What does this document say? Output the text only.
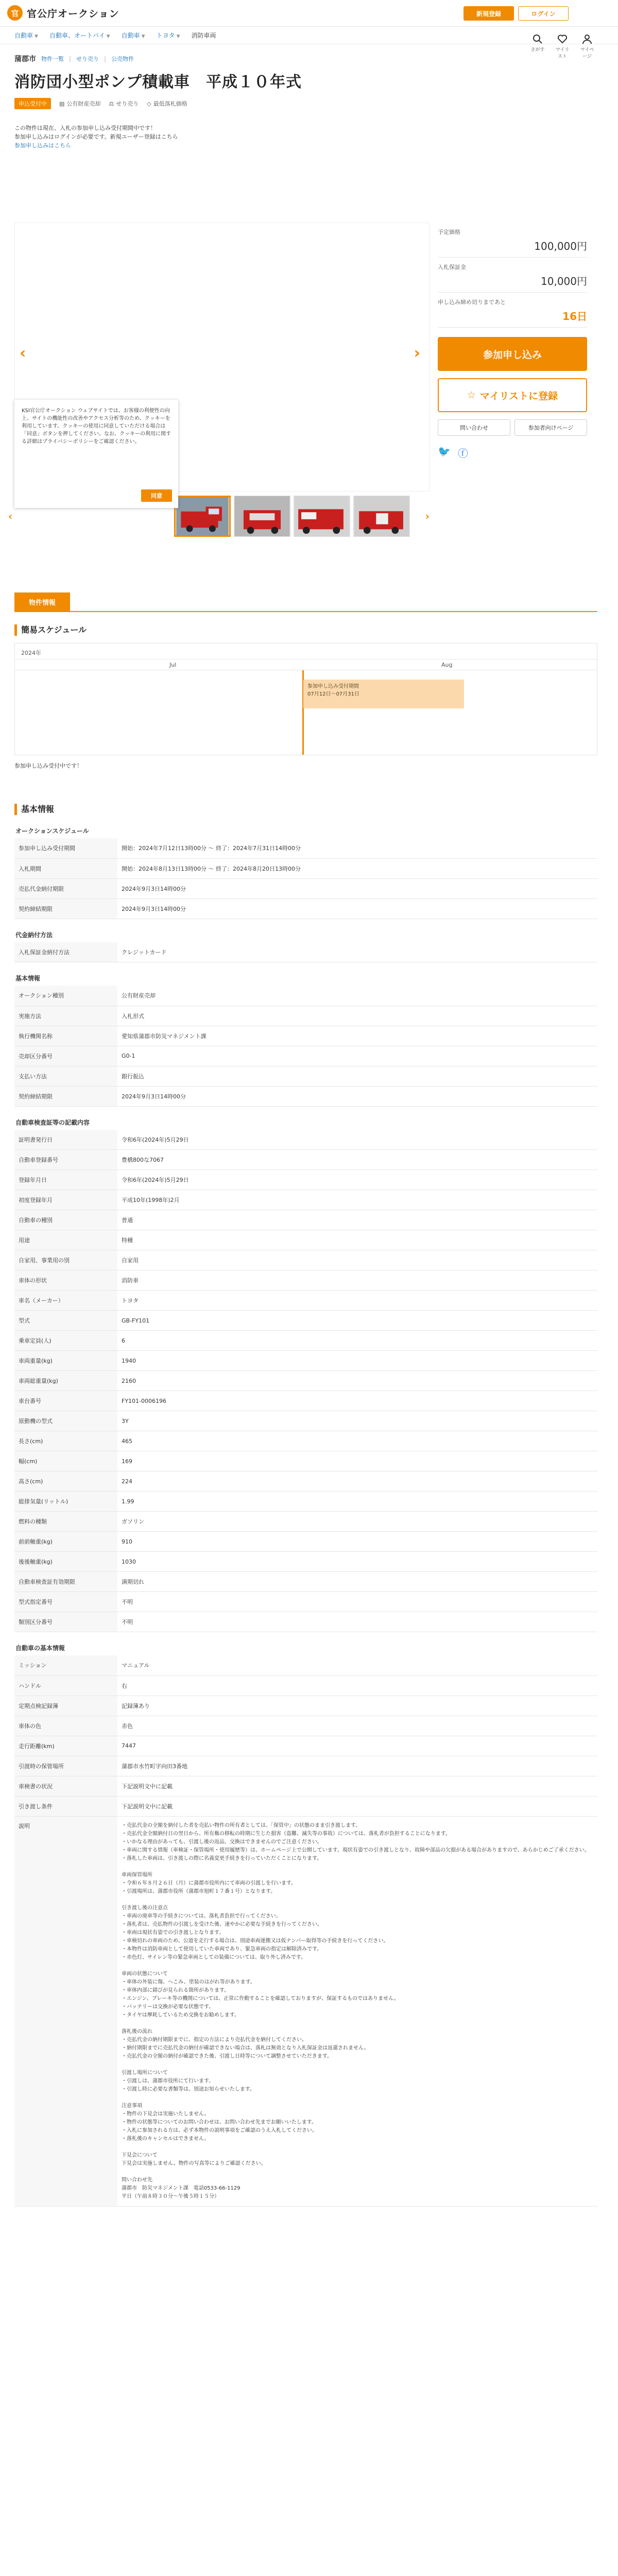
官 官公庁オークション	新規登録	ログイン
さがす マイリスト
マイページ
自動車 ▼ 自動車、オートバイ ▼ 自動車 ▼ トヨタ ▼ 消防車両
蒲郡市 物件一覧 | せり売り | 公売物件
消防団小型ポンプ積載車　平成１０年式
申込受付中	▤ 公有財産売却 ⚖ せり売り ◇ 最低落札価格
この物件は現在、入札の参加申し込み受付期間中です！
参加申し込みはログインが必要です。新規ユーザー登録はこちら
参加申し込みはこちら
‹	›
‹	›
KSI官公庁オークション ウェブサイトでは、お客様の利便性の向上、サイトの機能性の改善やアクセス分析等のため、クッキーを利用しています。クッキーの使用に同意していただける場合は「同意」ボタンを押してください。なお、クッキーの利用に関する詳細はプライバシーポリシーをご確認ください。
同意
予定価格
100,000円
入札保証金
10,000円
申し込み締め切りまであと
16日
参加申し込み
☆ マイリストに登録
問い合わせ	参加者向けページ
🐦 ⓕ
物件情報
簡易スケジュール
2024年
Jul	Aug
参加申し込み受付期間
07月12日～07月31日
参加申し込み受付中です！
基本情報
オークションスケジュール
参加申し込み受付期間	開始：2024年7月12日13時00分 ～ 終了：2024年7月31日14時00分
入札期間	開始：2024年8月13日13時00分 ～ 終了：2024年8月20日13時00分
売払代金納付期限	2024年9月3日14時00分
契約締結期限	2024年9月3日14時00分
代金納付方法
入札保証金納付方法	クレジットカード
基本情報
オークション種別	公有財産売却
実施方法	入札形式
執行機関名称	愛知県蒲郡市防災マネジメント課
売却区分番号	G0-1
支払い方法	銀行振込
契約締結期限	2024年9月3日14時00分
自動車検査証等の記載内容
証明書発行日	令和6年(2024年)5月29日
自動車登録番号	豊橋800な7067
登録年月日	令和6年(2024年)5月29日
初度登録年月	平成10年(1998年)2月
自動車の種別	普通
用途	特種
自家用、事業用の別	自家用
車体の形状	消防車
車名（メーカー）	トヨタ
型式	GB-FY101
乗車定員(人)	6
車両重量(kg)	1940
車両総重量(kg)	2160
車台番号	FY101-0006196
原動機の型式	3Y
長さ(cm)	465
幅(cm)	169
高さ(cm)	224
総排気量(リットル)	1.99
燃料の種類	ガソリン
前前軸重(kg)	910
後後軸重(kg)	1030
自動車検査証有効期限	満期切れ
型式指定番号	不明
類別区分番号	不明
自動車の基本情報
ミッション	マニュアル
ハンドル	右
定期点検記録簿	記録簿あり
車体の色	赤色
走行距離(km)	7447
引渡時の保管場所	蒲郡市水竹町字向田3番地
車検書の状況	下記説明文中に記載
引き渡し条件	下記説明文中に記載
説明	・売払代金の全額を納付した者を売払い物件の所有者としては、「保管中」の状態のまま引き渡します。
・売払代金全額納付日の翌日から、所有権の移転の時期に生じた損害（盗難、滅失等の事故）については、落札者が負担することになります。
・いかなる理由があっても、引渡し後の返品、交換はできませんのでご注意ください。
・車両に関する情報（車検証・保管場所・使用履歴等）は、ホームページ上で公開しています。現状有姿での引き渡しとなり、故障や部品の欠損がある場合がありますので、あらかじめご了承ください。
・落札した車両は、引き渡しの際に名義変更手続きを行っていただくことになります。

車両保管場所
・令和６年８月２６日（月）に蒲郡市役所内にて車両の引渡しを行います。
・引渡場所は、蒲郡市役所（蒲郡市旭町１７番１号）となります。

引き渡し後の注意点
・車両の廃車等の手続きについては、落札者負担で行ってください。
・落札者は、売払物件の引渡しを受けた後、速やかに必要な手続きを行ってください。
・車両は現状有姿での引き渡しとなります。
・車検切れの車両のため、公道を走行する場合は、別途車両運搬又は仮ナンバー取得等の手続きを行ってください。
・本物件は消防車両として使用していた車両であり、緊急車両の指定は解除済みです。
・赤色灯、サイレン等の緊急車両としての装備については、取り外し済みです。

車両の状態について
・車体の外装に傷、へこみ、塗装のはがれ等があります。
・車体内部に錆びが見られる箇所があります。
・エンジン、ブレーキ等の機関については、正常に作動することを確認しておりますが、保証するものではありません。
・バッテリーは交換が必要な状態です。
・タイヤは摩耗しているため交換をお勧めします。

落札後の流れ
・売払代金の納付期限までに、指定の方法により売払代金を納付してください。
・納付期限までに売払代金の納付が確認できない場合は、落札は無効となり入札保証金は返還されません。
・売払代金の全額の納付が確認できた後、引渡し日時等について調整させていただきます。

引渡し場所について
・引渡しは、蒲郡市役所にて行います。
・引渡し時に必要な書類等は、別途お知らせいたします。

注意事項
・物件の下見会は実施いたしません。
・物件の状態等についてのお問い合わせは、お問い合わせ先までお願いいたします。
・入札に参加される方は、必ず本物件の説明事項をご確認のうえ入札してください。
・落札後のキャンセルはできません。

下見会について
下見会は実施しません。物件の写真等によりご確認ください。

問い合わせ先
蒲郡市　防災マネジメント課　電話0533-66-1129
平日（午前８時３０分～午後５時１５分）
